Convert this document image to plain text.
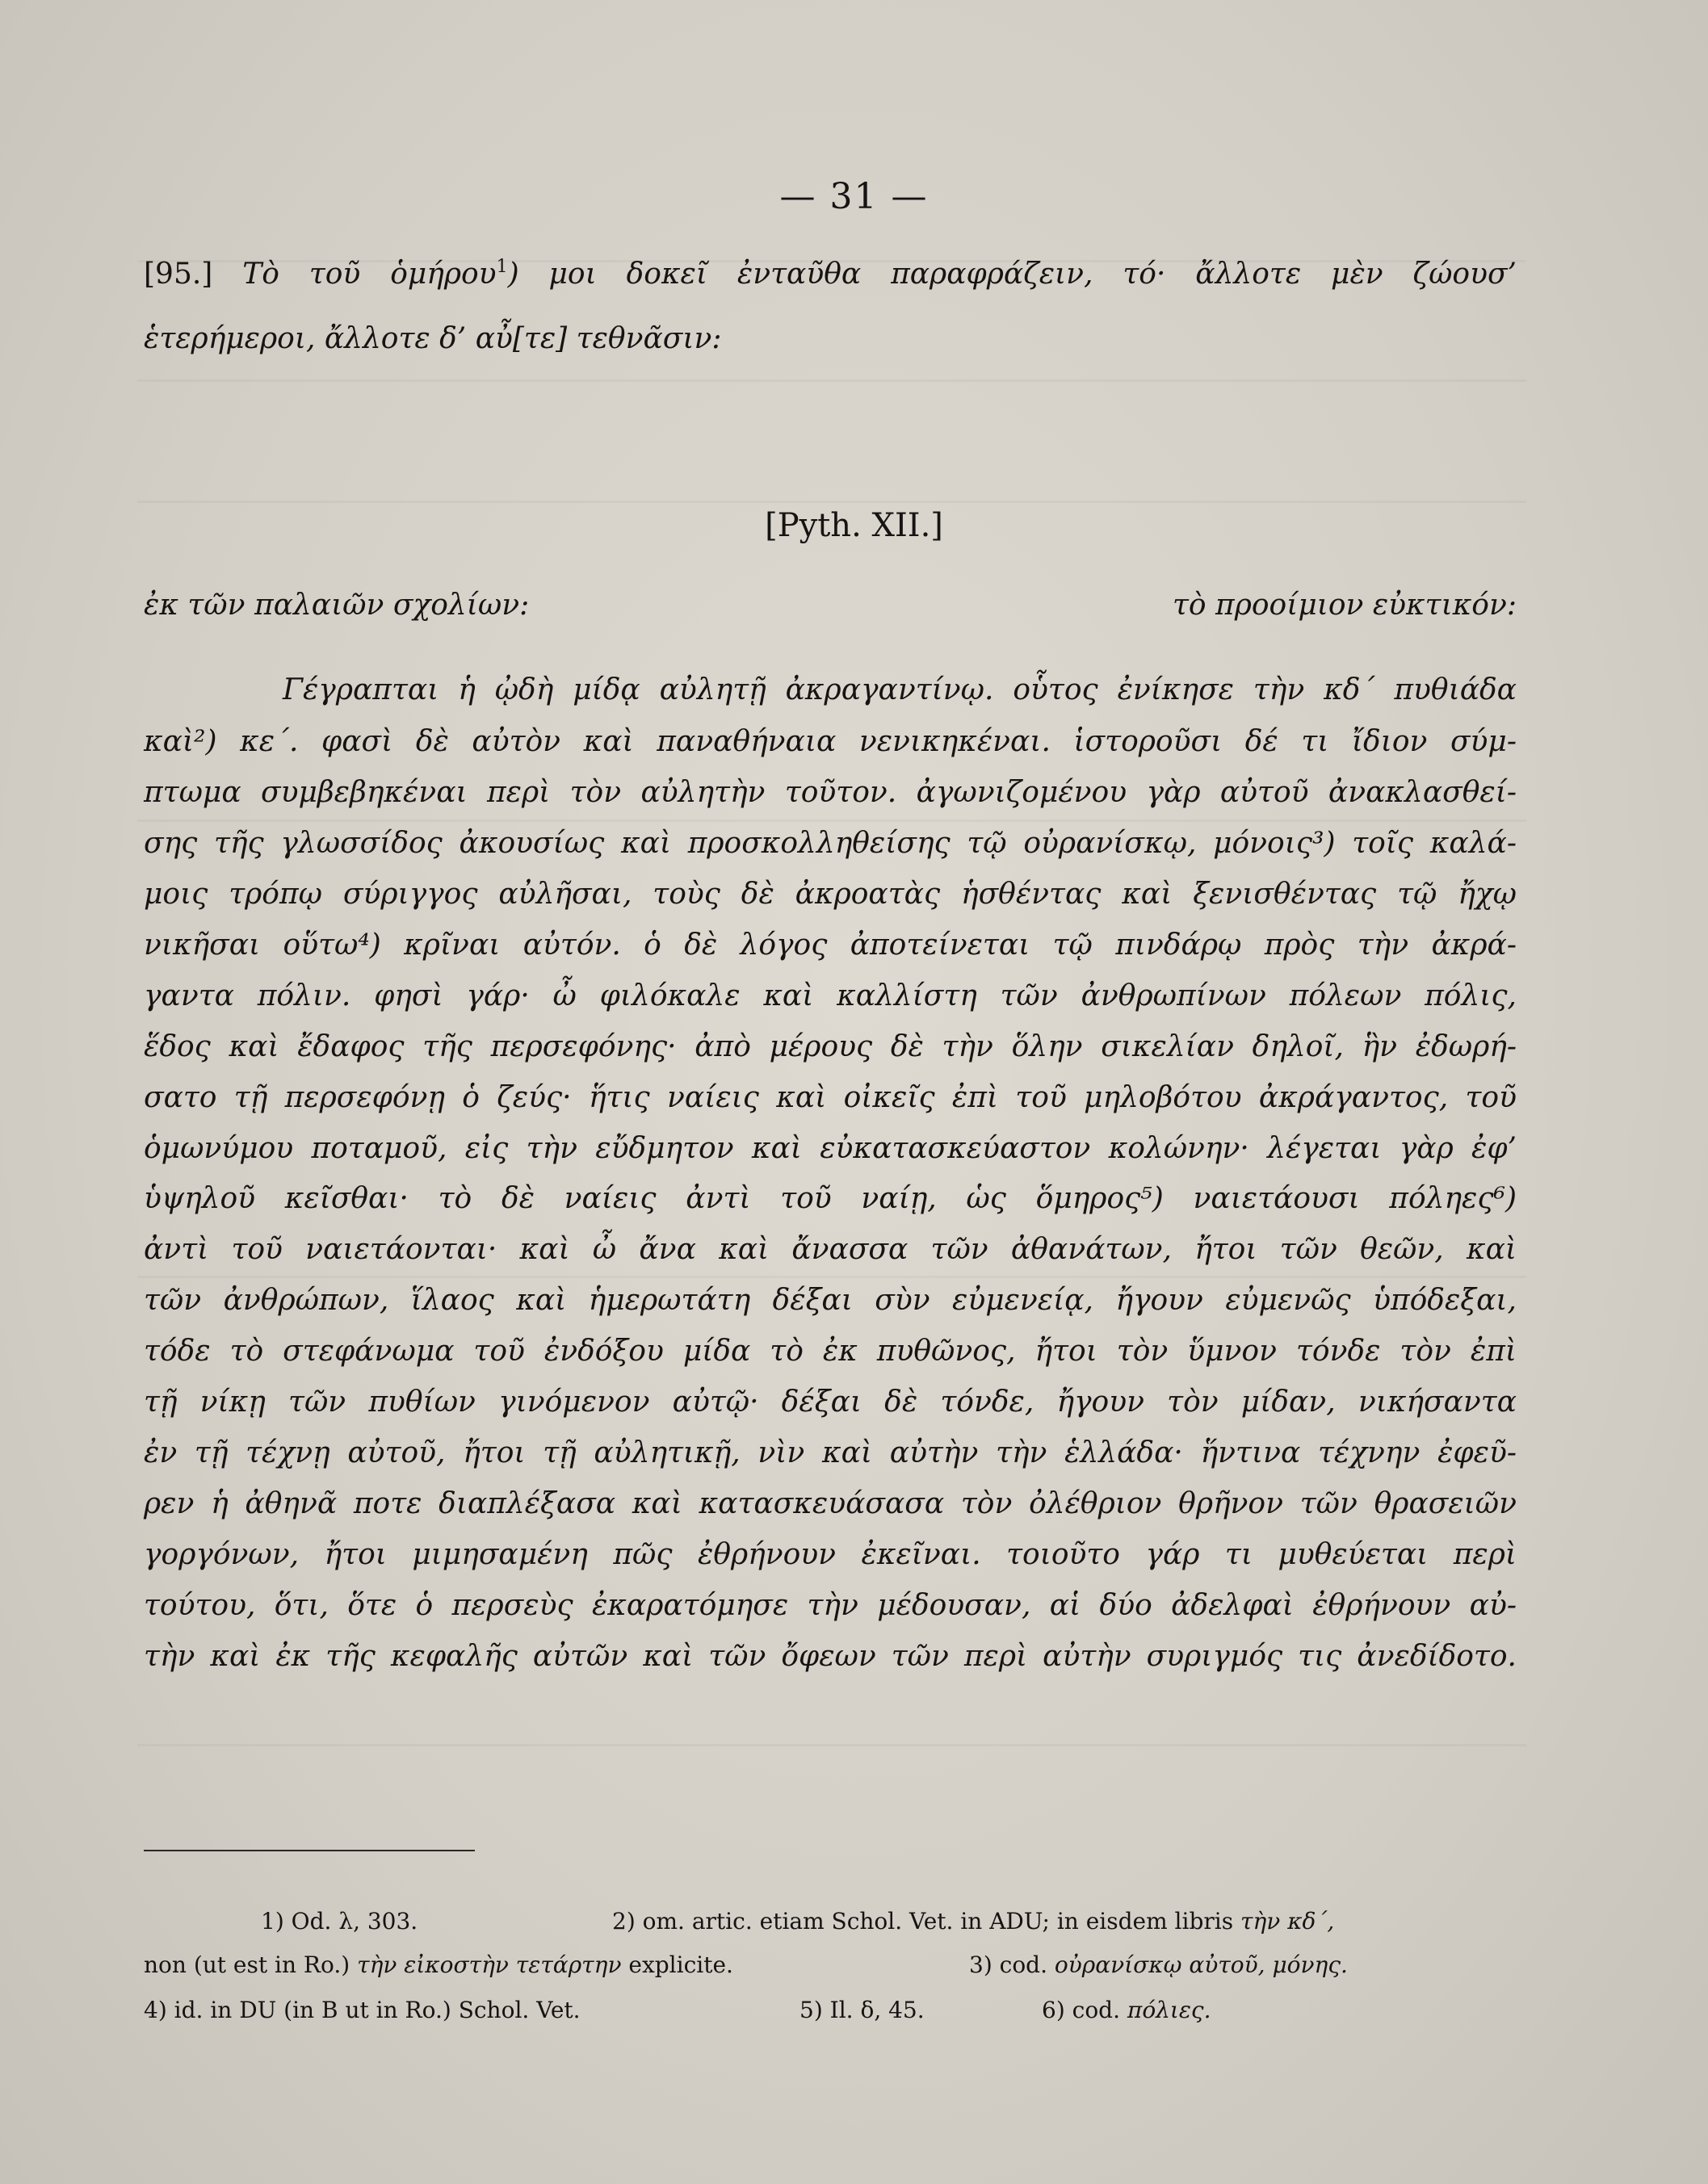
— 31 —
[95.] Τὸ τοῦ ὁμήρου$^1$) μοι δοκεῖ ἐνταῦθα παραφράζειν, τό· ἄλλοτε μὲν ζώουσ’
ἑτερήμεροι, ἄλλοτε δ’ αὖ[τε] τεθνᾶσιν:
[Pyth. XII.]
ἐκ τῶν παλαιῶν σχολίων:	τὸ προοίμιον εὐκτικόν:
Γέγραπται ἡ ᾠδὴ μίδᾳ αὐλητῇ ἀκραγαντίνῳ. οὗτος ἐνίκησε τὴν κδ΄ πυθιάδα
καὶ²) κε΄. φασὶ δὲ αὐτὸν καὶ παναθήναια νενικηκέναι. ἱστοροῦσι δέ τι ἴδιον σύμ-
πτωμα συμβεβηκέναι περὶ τὸν αὐλητὴν τοῦτον. ἀγωνιζομένου γὰρ αὐτοῦ ἀνακλασθεί-
σης τῆς γλωσσίδος ἀκουσίως καὶ προσκολληθείσης τῷ οὐρανίσκῳ, μόνοις³) τοῖς καλά-
μοις τρόπῳ σύριγγος αὐλῆσαι, τοὺς δὲ ἀκροατὰς ἡσθέντας καὶ ξενισθέντας τῷ ἤχῳ
νικῆσαι οὕτω⁴) κρῖναι αὐτόν. ὁ δὲ λόγος ἀποτείνεται τῷ πινδάρῳ πρὸς τὴν ἀκρά-
γαντα πόλιν. φησὶ γάρ· ὦ φιλόκαλε καὶ καλλίστη τῶν ἀνθρωπίνων πόλεων πόλις,
ἕδος καὶ ἔδαφος τῆς περσεφόνης· ἀπὸ μέρους δὲ τὴν ὅλην σικελίαν δηλοῖ, ἣν ἐδωρή-
σατο τῇ περσεφόνῃ ὁ ζεύς· ἥτις ναίεις καὶ οἰκεῖς ἐπὶ τοῦ μηλοβότου ἀκράγαντος, τοῦ
ὁμωνύμου ποταμοῦ, εἰς τὴν εὔδμητον καὶ εὐκατασκεύαστον κολώνην· λέγεται γὰρ ἐφ’
ὑψηλοῦ κεῖσθαι· τὸ δὲ ναίεις ἀντὶ τοῦ ναίῃ, ὡς ὅμηρος⁵) ναιετάουσι πόληες⁶)
ἀντὶ τοῦ ναιετάονται· καὶ ὦ ἄνα καὶ ἄνασσα τῶν ἀθανάτων, ἤτοι τῶν θεῶν, καὶ
τῶν ἀνθρώπων, ἵλαος καὶ ἡμερωτάτη δέξαι σὺν εὐμενείᾳ, ἤγουν εὐμενῶς ὑπόδεξαι,
τόδε τὸ στεφάνωμα τοῦ ἐνδόξου μίδα τὸ ἐκ πυθῶνος, ἤτοι τὸν ὕμνον τόνδε τὸν ἐπὶ
τῇ νίκῃ τῶν πυθίων γινόμενον αὐτῷ· δέξαι δὲ τόνδε, ἤγουν τὸν μίδαν, νικήσαντα
ἐν τῇ τέχνῃ αὐτοῦ, ἤτοι τῇ αὐλητικῇ, νὶν καὶ αὐτὴν τὴν ἑλλάδα· ἥντινα τέχνην ἐφεῦ-
ρεν ἡ ἀθηνᾶ ποτε διαπλέξασα καὶ κατασκευάσασα τὸν ὀλέθριον θρῆνον τῶν θρασειῶν
γοργόνων, ἤτοι μιμησαμένη πῶς ἐθρήνουν ἐκεῖναι. τοιοῦτο γάρ τι μυθεύεται περὶ
τούτου, ὅτι, ὅτε ὁ περσεὺς ἐκαρατόμησε τὴν μέδουσαν, αἱ δύο ἀδελφαὶ ἐθρήνουν αὐ-
τὴν καὶ ἐκ τῆς κεφαλῆς αὐτῶν καὶ τῶν ὄφεων τῶν περὶ αὐτὴν συριγμός τις ἀνεδίδοτο.
1) Od. λ, 303.	2) om. artic. etiam Schol. Vet. in ADU; in eisdem libris τὴν κδ΄,
non (ut est in Ro.) τὴν εἰκοστὴν τετάρτην explicite.	3) cod. οὐρανίσκῳ αὐτοῦ, μόνης.
4) id. in DU (in B ut in Ro.) Schol. Vet.	5) Il. δ, 45.	6) cod. πόλιες.
